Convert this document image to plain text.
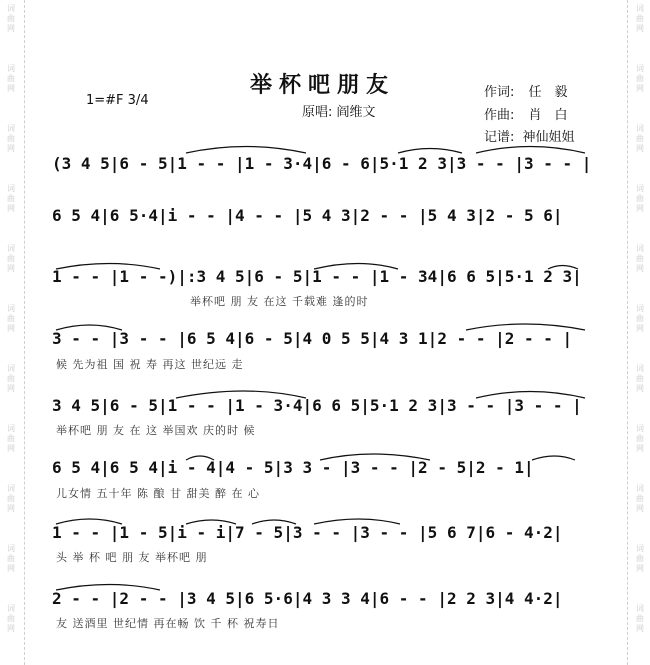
词
曲
网
词
曲
网
词
曲
网
词
曲
网
词
曲
网
词
曲
网
词
曲
网
词
曲
网
词
曲
网
词
曲
网
词
曲
网
词
曲
网
词
曲
网
词
曲
网
词
曲
网
词
曲
网
词
曲
网
词
曲
网
词
曲
网
词
曲
网
词
曲
网
词
曲
网
举杯吧朋友
1=#F 3/4
原唱: 阎维文
作词: 任　毅
作曲: 肖　白
记谱: 神仙姐姐
(3 4 5|6 - 5|1 - - |1 - 3·4|6 - 6|5·1 2 3|3 - - |3 - - |
6 5 4|6 5·4|i - - |4 - - |5 4 3|2 - - |5 4 3|2 - 5 6|
1 - - |1 - -)|:3 4 5|6 - 5|1 - - |1 - 34|6 6 5|5·1 2 3|
举杯吧 朋 友 在这 千载难 逢的时
3 - - |3 - - |6 5 4|6 - 5|4 0 5 5|4 3 1|2 - - |2 - - |
候 先为祖 国 祝 寿 再这 世纪远 走
3 4 5|6 - 5|1 - - |1 - 3·4|6 6 5|5·1 2 3|3 - - |3 - - |
举杯吧 朋 友 在 这 举国欢 庆的时 候
6 5 4|6 5 4|i - 4|4 - 5|3 3 - |3 - - |2 - 5|2 - 1|
儿女情 五十年 陈 酿 甘 甜美 醉 在 心
1 - - |1 - 5|i - i|7 - 5|3 - - |3 - - |5 6 7|6 - 4·2|
头 举 杯 吧 朋 友 举杯吧 朋
2 - - |2 - - |3 4 5|6 5·6|4 3 3 4|6 - - |2 2 3|4 4·2|
友 送酒里 世纪情 再在畅 饮 千 杯 祝寿日
